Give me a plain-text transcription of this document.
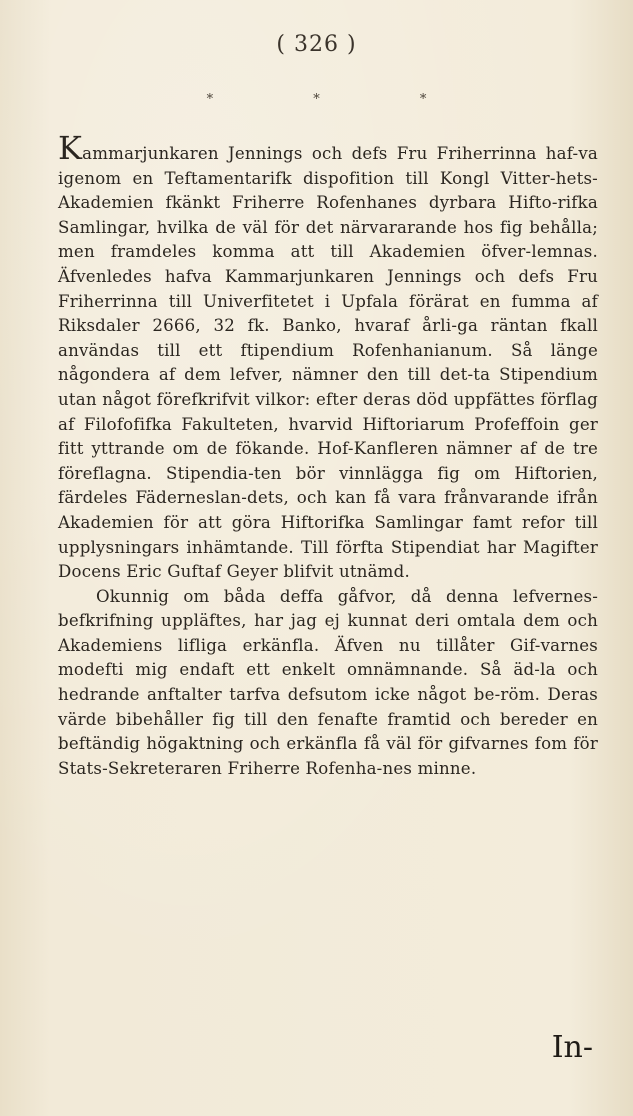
( 326 )
* * *

Kammarjunkaren Jennings och defs Fru Friherrinna haf-va igenom en Teftamentarifk dispofition till Kongl Vitter-hets-Akademien fkänkt Friherre Rofenhanes dyrbara Hifto-rifka Samlingar, hvilka de väl för det närvararande hos fig behålla; men framdeles komma att till Akademien öfver-lemnas. Äfvenledes hafva Kammarjunkaren Jennings och defs Fru Friherrinna till Univerfitetet i Upfala förärat en fumma af Riksdaler 2666, 32 fk. Banko, hvaraf årli-ga räntan fkall användas till ett ftipendium Rofenhanianum. Så länge någondera af dem lefver, nämner den till det-ta Stipendium utan något förefkrifvit vilkor: efter deras död uppfättes förflag af Filofofifka Fakulteten, hvarvid Hiftoriarum Profeffoin ger fitt yttrande om de fökande. Hof-Kanfleren nämner af de tre föreflagna. Stipendia-ten bör vinnlägga fig om Hiftorien, färdeles Fäderneslan-dets, och kan få vara frånvarande ifrån Akademien för att göra Hiftorifka Samlingar famt refor till upplysningars inhämtande. Till förfta Stipendiat har Magifter Docens Eric Guftaf Geyer blifvit utnämd.

Okunnig om båda deffa gåfvor, då denna lefvernes-befkrifning uppläftes, har jag ej kunnat deri omtala dem och Akademiens lifliga erkänfla. Äfven nu tillåter Gif-varnes modefti mig endaft ett enkelt omnämnande. Så äd-la och hedrande anftalter tarfva defsutom icke något be-röm. Deras värde bibehåller fig till den fenafte framtid och bereder en beftändig högaktning och erkänfla få väl för gifvarnes fom för Stats-Sekreteraren Friherre Rofenha-nes minne.

In-
